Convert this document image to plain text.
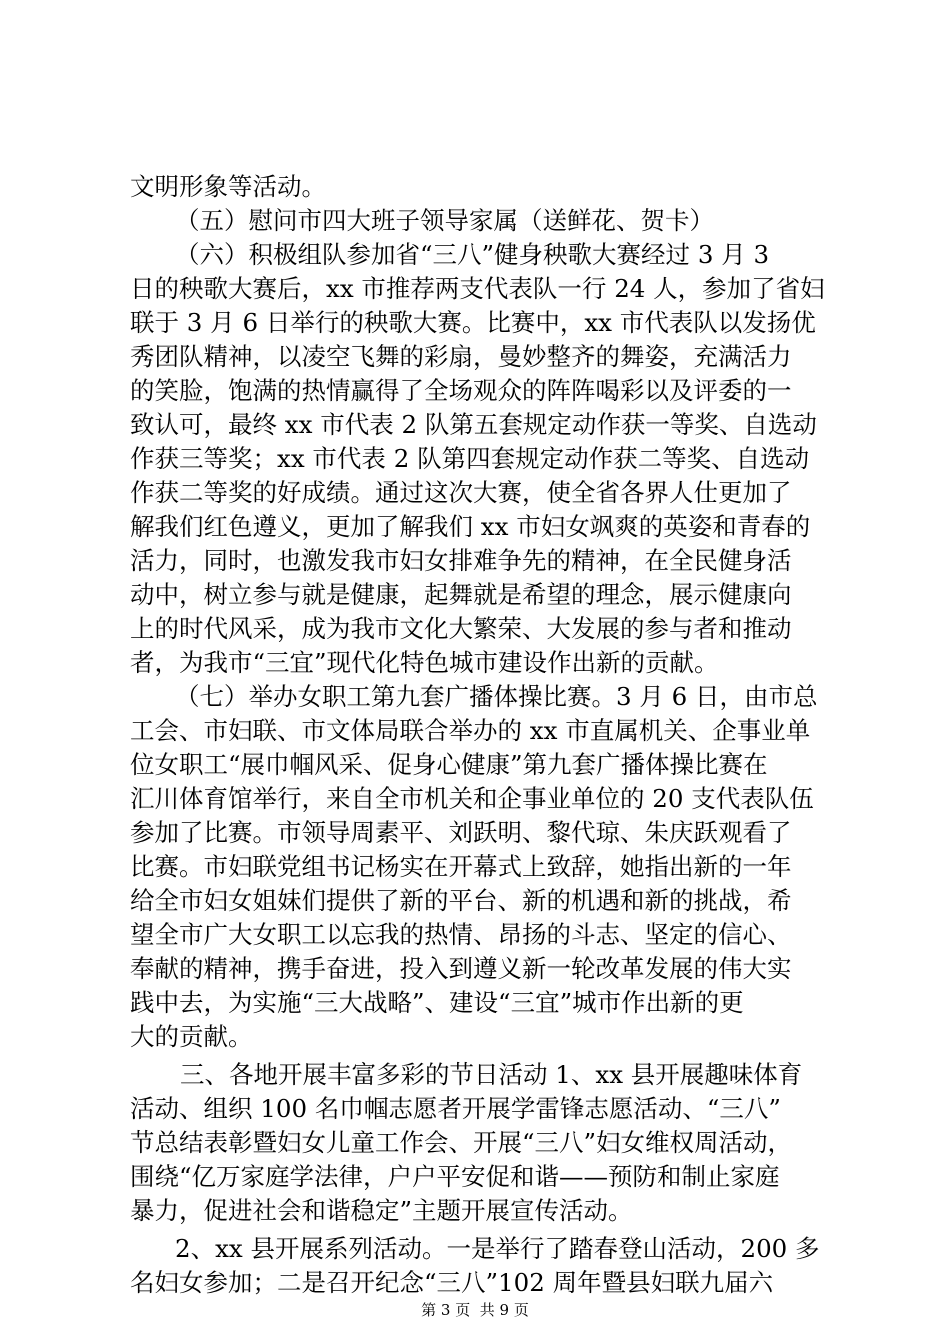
文明形象等活动。
（五）慰问市四大班子领导家属（送鲜花、贺卡）
（六）积极组队参加省“三八”健身秧歌大赛经过 3 月 3
日的秧歌大赛后，xx 市推荐两支代表队一行 24 人，参加了省妇
联于 3 月 6 日举行的秧歌大赛。比赛中，xx 市代表队以发扬优
秀团队精神，以凌空飞舞的彩扇，曼妙整齐的舞姿，充满活力
的笑脸，饱满的热情赢得了全场观众的阵阵喝彩以及评委的一
致认可，最终 xx 市代表 2 队第五套规定动作获一等奖、自选动
作获三等奖；xx 市代表 2 队第四套规定动作获二等奖、自选动
作获二等奖的好成绩。通过这次大赛，使全省各界人仕更加了
解我们红色遵义，更加了解我们 xx 市妇女飒爽的英姿和青春的
活力，同时，也激发我市妇女排难争先的精神，在全民健身活
动中，树立参与就是健康，起舞就是希望的理念，展示健康向
上的时代风采，成为我市文化大繁荣、大发展的参与者和推动
者，为我市“三宜”现代化特色城市建设作出新的贡献。
（七）举办女职工第九套广播体操比赛。3 月 6 日，由市总
工会、市妇联、市文体局联合举办的 xx 市直属机关、企事业单
位女职工“展巾帼风采、促身心健康”第九套广播体操比赛在
汇川体育馆举行，来自全市机关和企事业单位的 20 支代表队伍
参加了比赛。市领导周素平、刘跃明、黎代琼、朱庆跃观看了
比赛。市妇联党组书记杨实在开幕式上致辞，她指出新的一年
给全市妇女姐妹们提供了新的平台、新的机遇和新的挑战，希
望全市广大女职工以忘我的热情、昂扬的斗志、坚定的信心、
奉献的精神，携手奋进，投入到遵义新一轮改革发展的伟大实
践中去，为实施“三大战略”、建设“三宜”城市作出新的更
大的贡献。
三、各地开展丰富多彩的节日活动 1、xx 县开展趣味体育
活动、组织 100 名巾帼志愿者开展学雷锋志愿活动、“三八”
节总结表彰暨妇女儿童工作会、开展“三八”妇女维权周活动，
围绕“亿万家庭学法律，户户平安促和谐——预防和制止家庭
暴力，促进社会和谐稳定”主题开展宣传活动。
2、xx 县开展系列活动。一是举行了踏春登山活动，200 多
名妇女参加；二是召开纪念“三八”102 周年暨县妇联九届六
第 3 页  共 9 页
